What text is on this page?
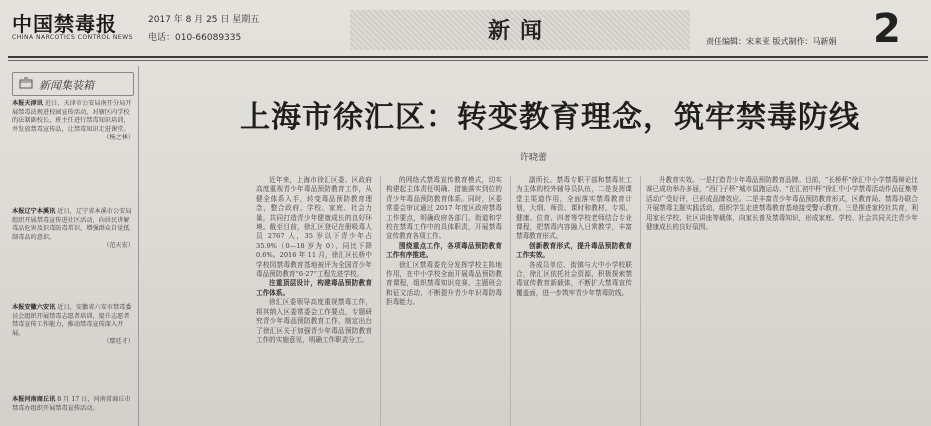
中国禁毒报
CHINA NARCOTICS CONTROL NEWS
2017 年 8 月 25 日 星期五
电话：010-66089335	新闻	责任编辑：宋来亚 版式制作：马新娟 2
新闻集装箱
本报天津讯 近日，天津市公安局南开分局开展禁毒法规进校园宣传活动，对辖区内学校的法制副校长、班主任进行禁毒知识培训，并发放禁毒宣传品，让禁毒知识走进课堂。
（杨之林）
本报辽宁本溪讯 近日，辽宁省本溪市公安局组织开展禁毒宣传进社区活动，向居民讲解毒品危害及识毒防毒常识，增强群众自觉抵制毒品的意识。
（范天宏）
本报安徽六安讯 近日，安徽省六安市禁毒委员会组织开展禁毒志愿者培训，提升志愿者禁毒宣传工作能力，推动禁毒宣传深入开展。
（鄢廷才）
本报河南商丘讯 8 月 17 日，河南省商丘市禁毒办组织开展禁毒宣传活动。
上海市徐汇区：转变教育理念，筑牢禁毒防线
许晓蕾

近年来，上海市徐汇区委、区政府高度重视青少年毒品预防教育工作，从健全体系入手，转变毒品预防教育理念，整合政府、学校、家庭、社会力量，共同打造青少年健康成长的良好环境。截至目前，徐汇区登记在册吸毒人员 2767 人，35 岁以下青少年占 35.9%（0—18 岁为 0），同比下降 0.6%。2016 年 11 月，徐汇区长桥中学校园禁毒教育基地被评为全国青少年毒品预防教育“6·27”工程先进学校。

注重顶层设计，构建毒品预防教育工作体系。

徐汇区委领导高度重视禁毒工作，将其纳入区委常委会工作要点，专题研究青少年毒品预防教育工作，制定出台了徐汇区关于加强青少年毒品预防教育工作的实施意见，明确工作职责分工。

的网络式禁毒宣传教育模式，切实构建起主体责任明确、措施落实到位的青少年毒品预防教育体系。同时，区委常委会审议通过 2017 年度区政府禁毒工作要点，明确政府各部门、街道和学校在禁毒工作中的具体职责，开展禁毒宣传教育各项工作。

围绕重点工作，各项毒品预防教育工作有序推进。

徐汇区禁毒委充分发挥学校主阵地作用，在中小学校全面开展毒品预防教育课程，组织禁毒知识竞赛、主题班会和征文活动，不断提升青少年识毒防毒拒毒能力。

副所长、禁毒专职干部和禁毒社工为主体的校外辅导员队伍，二是发挥课堂主渠道作用，全面落实禁毒教育计划，大纲、师资、课时和教材，专项、健康、位育、四者等学校老师结合专业课程，把禁毒内容融入日常教学，丰富禁毒教育形式。

创新教育形式，提升毒品预防教育工作实效。

各成员单位、街镇与大中小学校联合，徐汇区依托社会资源，积极探索禁毒宣传教育新载体，不断扩大禁毒宣传覆盖面，进一步筑牢青少年禁毒防线。

升教育实效。一是打造青少年毒品预防教育品牌。目前，“长桥杯”徐汇中小学禁毒辩论比赛已成功举办多届，“西门子杯”城市鼠跑运动、“在汇初中杯”徐汇中小学禁毒活动作品征集等活动广受好评，已形成品牌效应。二是丰富青少年毒品预防教育形式，区教育局、禁毒办联合开展禁毒主题实践活动，组织学生走进禁毒教育基地接受警示教育。三是推进家校社共育，利用家长学校、社区讲座等载体，向家长普及禁毒知识，形成家庭、学校、社会共同关注青少年健康成长的良好氛围。
